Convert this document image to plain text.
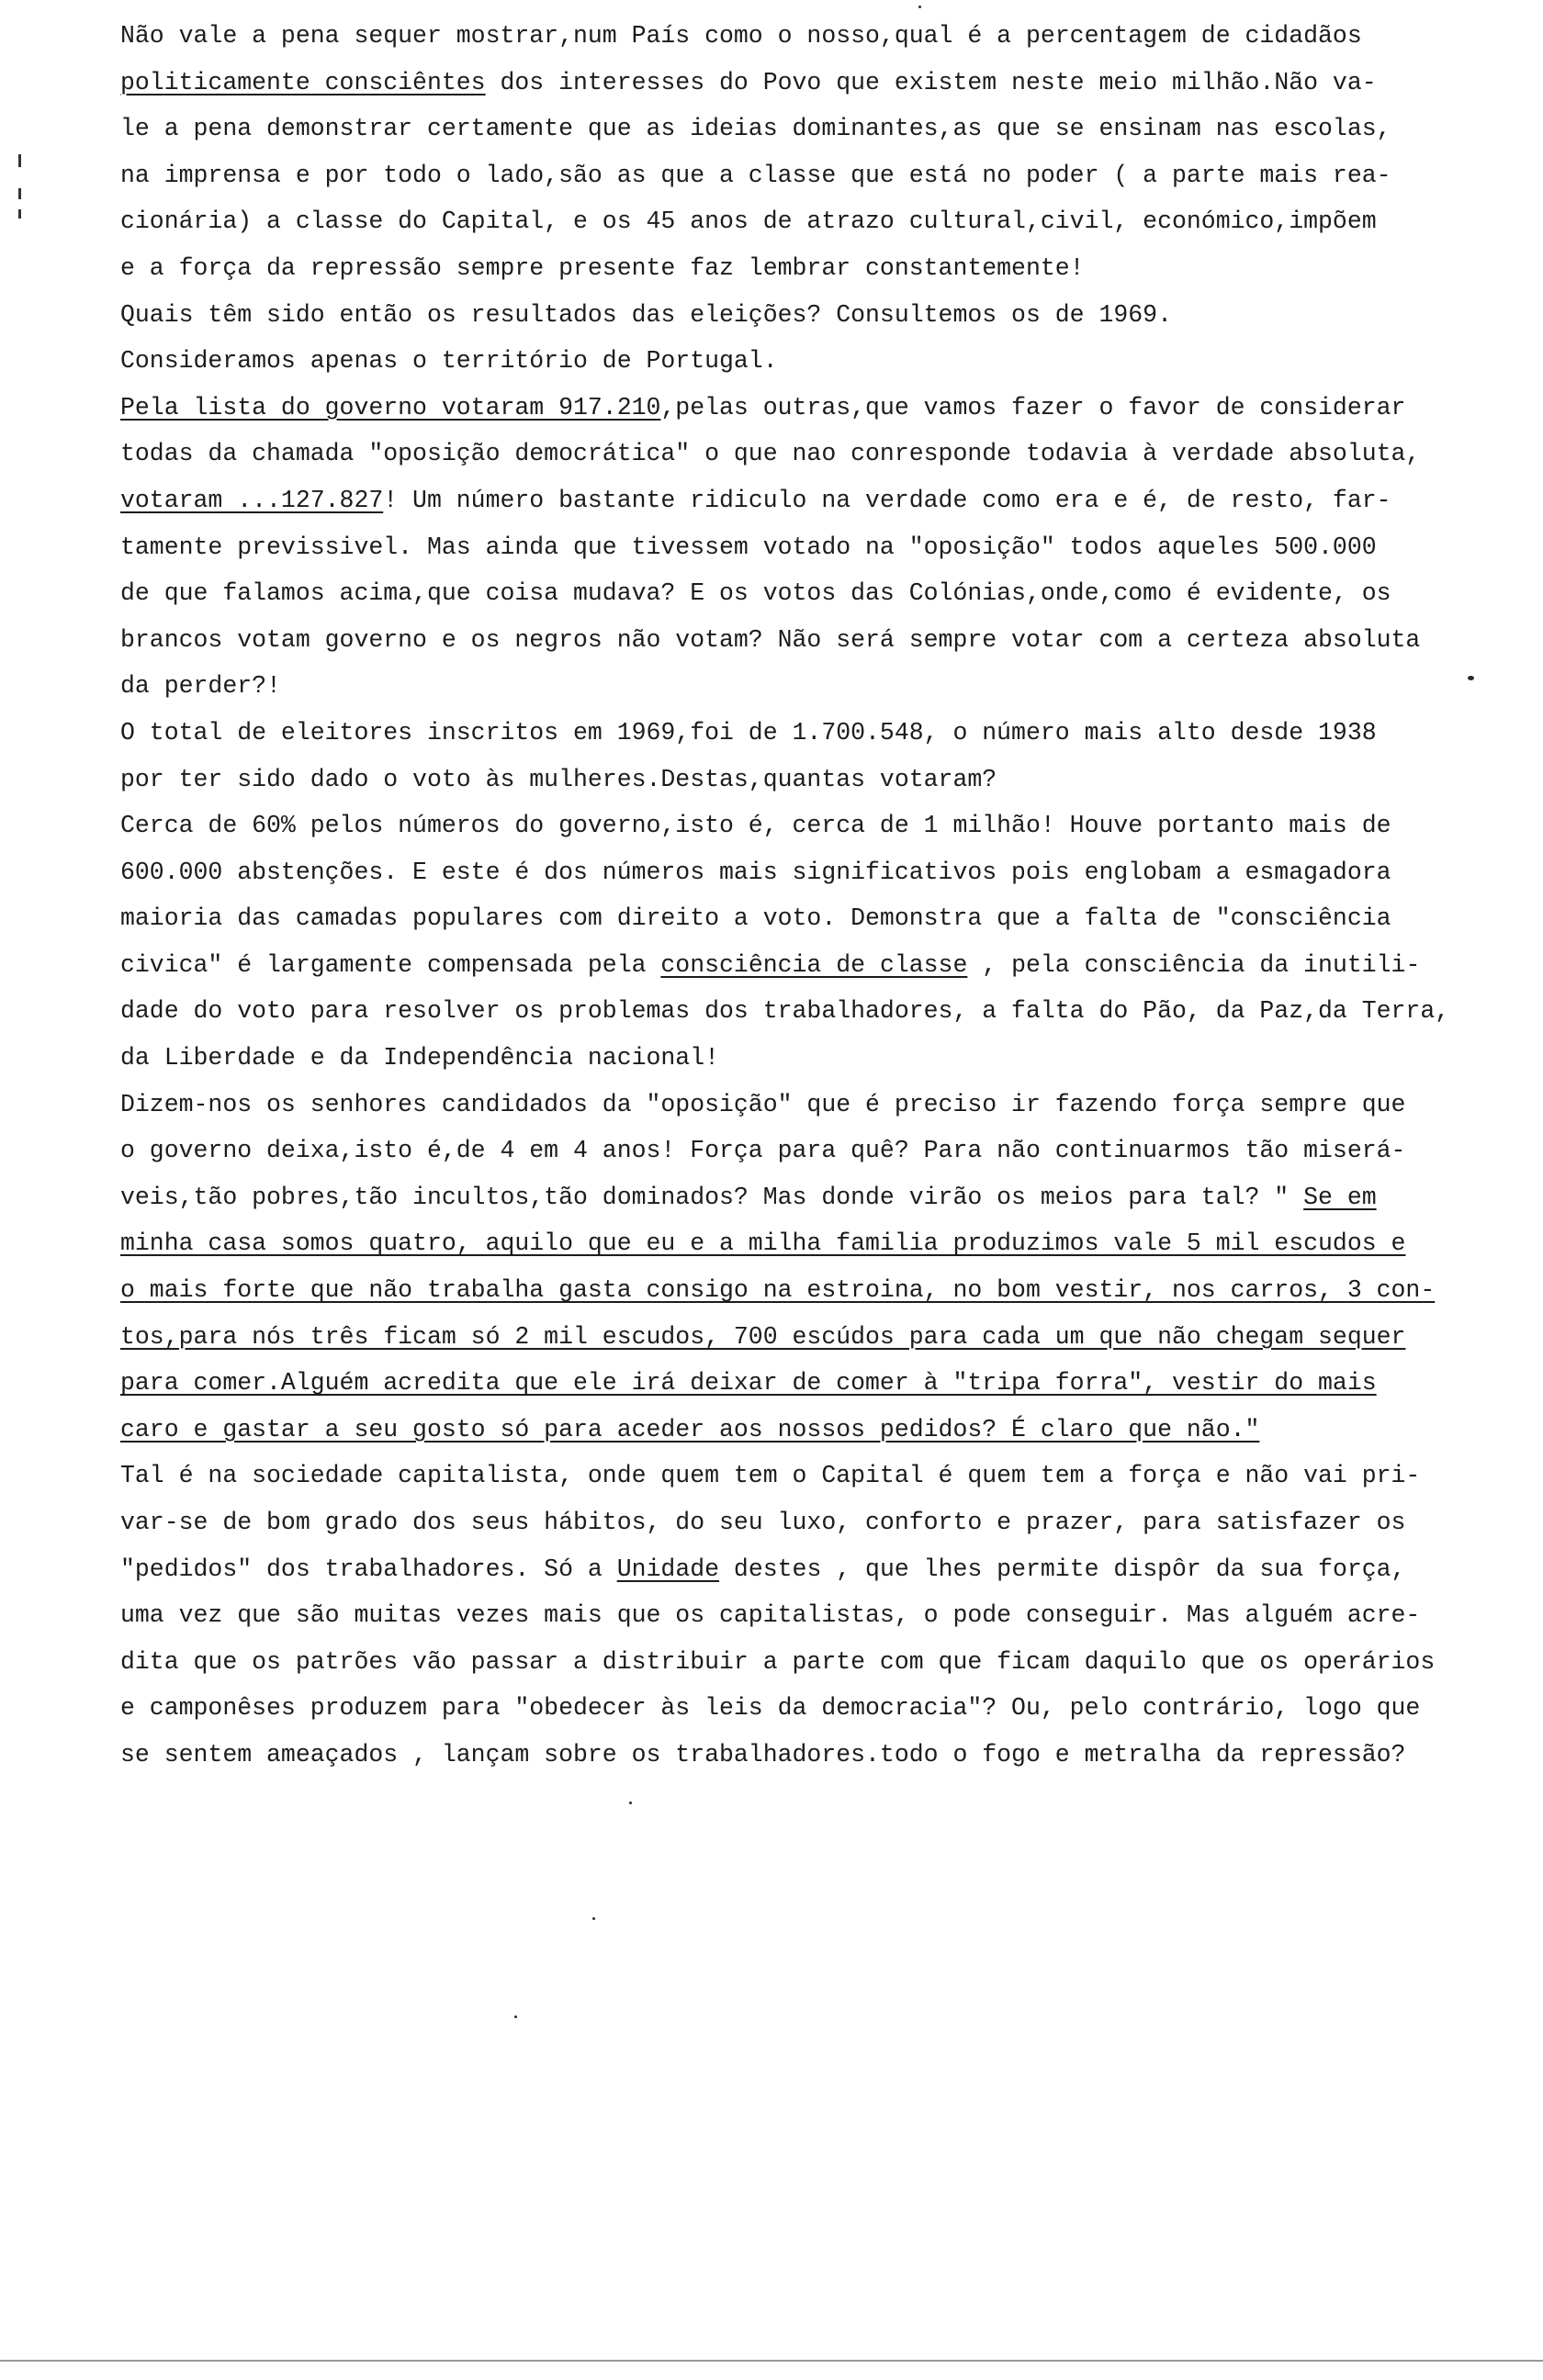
Não vale a pena sequer mostrar,num País como o nosso,qual é a percentagem de cidadãos
politicamente consciêntes dos interesses do Povo que existem neste meio milhão.Não va-
le a pena demonstrar certamente que as ideias dominantes,as que se ensinam nas escolas,
na imprensa e por todo o lado,são as que a classe que está no poder ( a parte mais rea-
cionária) a classe do Capital, e os 45 anos de atrazo cultural,civil, económico,impõem
e a força da repressão sempre presente faz lembrar constantemente!
Quais têm sido então os resultados das eleições? Consultemos os de 1969.
Consideramos apenas o território de Portugal.
Pela lista do governo votaram 917.210,pelas outras,que vamos fazer o favor de considerar
todas da chamada "oposição democrática" o que nao conresponde todavia à verdade absoluta,
votaram ...127.827! Um número bastante ridiculo na verdade como era e é, de resto, far-
tamente previssivel. Mas ainda que tivessem votado na "oposição" todos aqueles 500.000
de que falamos acima,que coisa mudava? E os votos das Colónias,onde,como é evidente, os
brancos votam governo e os negros não votam? Não será sempre votar com a certeza absoluta
da perder?!
O total de eleitores inscritos em 1969,foi de 1.700.548, o número mais alto desde 1938
por ter sido dado o voto às mulheres.Destas,quantas votaram?
Cerca de 60% pelos números do governo,isto é, cerca de 1 milhão! Houve portanto mais de
600.000 abstenções. E este é dos números mais significativos pois englobam a esmagadora
maioria das camadas populares com direito a voto. Demonstra que a falta de "consciência
civica" é largamente compensada pela consciência de classe , pela consciência da inutili-
dade do voto para resolver os problemas dos trabalhadores, a falta do Pão, da Paz,da Terra,
da Liberdade e da Independência nacional!
Dizem-nos os senhores candidados da "oposição" que é preciso ir fazendo força sempre que
o governo deixa,isto é,de 4 em 4 anos! Força para quê? Para não continuarmos tão miserá-
veis,tão pobres,tão incultos,tão dominados? Mas donde virão os meios para tal? " Se em
minha casa somos quatro, aquilo que eu e a milha familia produzimos vale 5 mil escudos e
o mais forte que não trabalha gasta consigo na estroina, no bom vestir, nos carros, 3 con-
tos,para nós três ficam só 2 mil escudos, 700 escúdos para cada um que não chegam sequer
para comer.Alguém acredita que ele irá deixar de comer à "tripa forra", vestir do mais
caro e gastar a seu gosto só para aceder aos nossos pedidos? É claro que não."
Tal é na sociedade capitalista, onde quem tem o Capital é quem tem a força e não vai pri-
var-se de bom grado dos seus hábitos, do seu luxo, conforto e prazer, para satisfazer os
"pedidos" dos trabalhadores. Só a Unidade destes , que lhes permite dispôr da sua força,
uma vez que são muitas vezes mais que os capitalistas, o pode conseguir. Mas alguém acre-
dita que os patrões vão passar a distribuir a parte com que ficam daquilo que os operários
e camponêses produzem para "obedecer às leis da democracia"? Ou, pelo contrário, logo que
se sentem ameaçados , lançam sobre os trabalhadores.todo o fogo e metralha da repressão?
